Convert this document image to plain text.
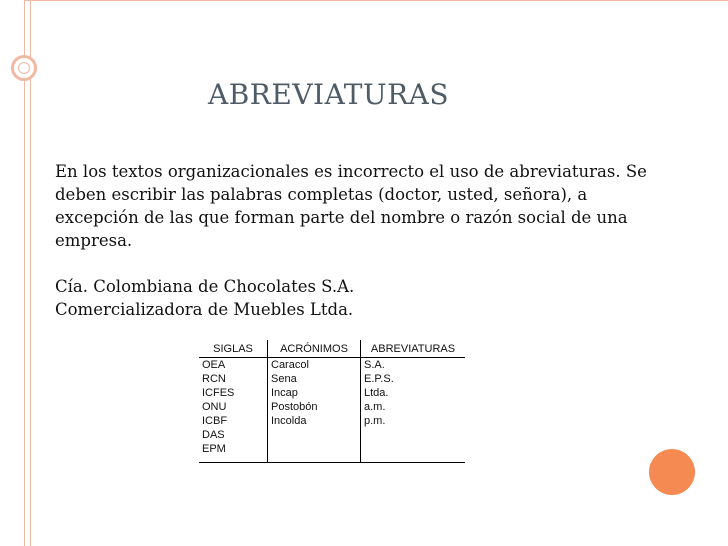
ABREVIATURAS

En los textos organizacionales es incorrecto el uso de abreviaturas. Se deben escribir las palabras completas (doctor, usted, señora), a excepción de las que forman parte del nombre o razón social de una empresa.

Cía. Colombiana de Chocolates S.A.

Comercializadora de Muebles Ltda.

SIGLAS	ACRÓNIMOS	ABREVIATURAS
OEA	Caracol	S.A.
RCN	Sena	E.P.S.
ICFES	Incap	Ltda.
ONU	Postobón	a.m.
ICBF	Incolda	p.m.
DAS		
EPM		
